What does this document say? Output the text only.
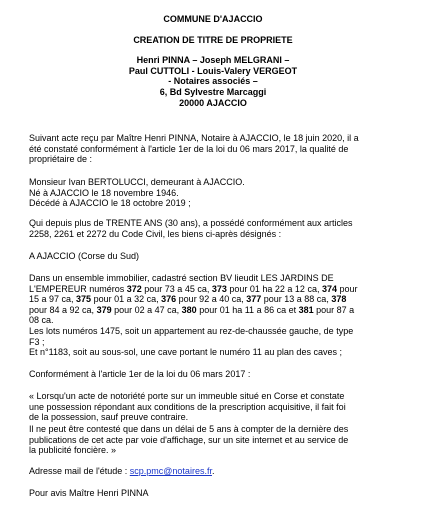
COMMUNE D'AJACCIO
CREATION DE TITRE DE PROPRIETE
Henri PINNA – Joseph MELGRANI –
Paul CUTTOLI - Louis-Valery VERGEOT
- Notaires associés –
6, Bd Sylvestre Marcaggi
20000 AJACCIO
Suivant acte reçu par Maître Henri PINNA, Notaire à AJACCIO, le 18 juin 2020, il a
été constaté conformément à l'article 1er de la loi du 06 mars 2017, la qualité de
propriétaire de :
Monsieur Ivan BERTOLUCCI, demeurant à AJACCIO.
Né à AJACCIO le 18 novembre 1946.
Décédé à AJACCIO le 18 octobre 2019 ;
Qui depuis plus de TRENTE ANS (30 ans), a possédé conformément aux articles
2258, 2261 et 2272 du Code Civil, les biens ci-après désignés :
A AJACCIO (Corse du Sud)
Dans un ensemble immobilier, cadastré section BV lieudit LES JARDINS DE
L'EMPEREUR numéros 372 pour 73 a 45 ca, 373 pour 01 ha 22 a 12 ca, 374 pour
15 a 97 ca, 375 pour 01 a 32 ca, 376 pour 92 a 40 ca, 377 pour 13 a 88 ca, 378
pour 84 a 92 ca, 379 pour 02 a 47 ca, 380 pour 01 ha 11 a 86 ca et 381 pour 87 a
08 ca.
Les lots numéros 1475, soit un appartement au rez-de-chaussée gauche, de type
F3 ;
Et n°1183, soit au sous-sol, une cave portant le numéro 11 au plan des caves ;
Conformément à l'article 1er de la loi du 06 mars 2017 :
« Lorsqu'un acte de notoriété porte sur un immeuble situé en Corse et constate
une possession répondant aux conditions de la prescription acquisitive, il fait foi
de la possession, sauf preuve contraire.
Il ne peut être contesté que dans un délai de 5 ans à compter de la dernière des
publications de cet acte par voie d'affichage, sur un site internet et au service de
la publicité foncière. »
Adresse mail de l'étude : scp.pmc@notaires.fr.
Pour avis Maître Henri PINNA
